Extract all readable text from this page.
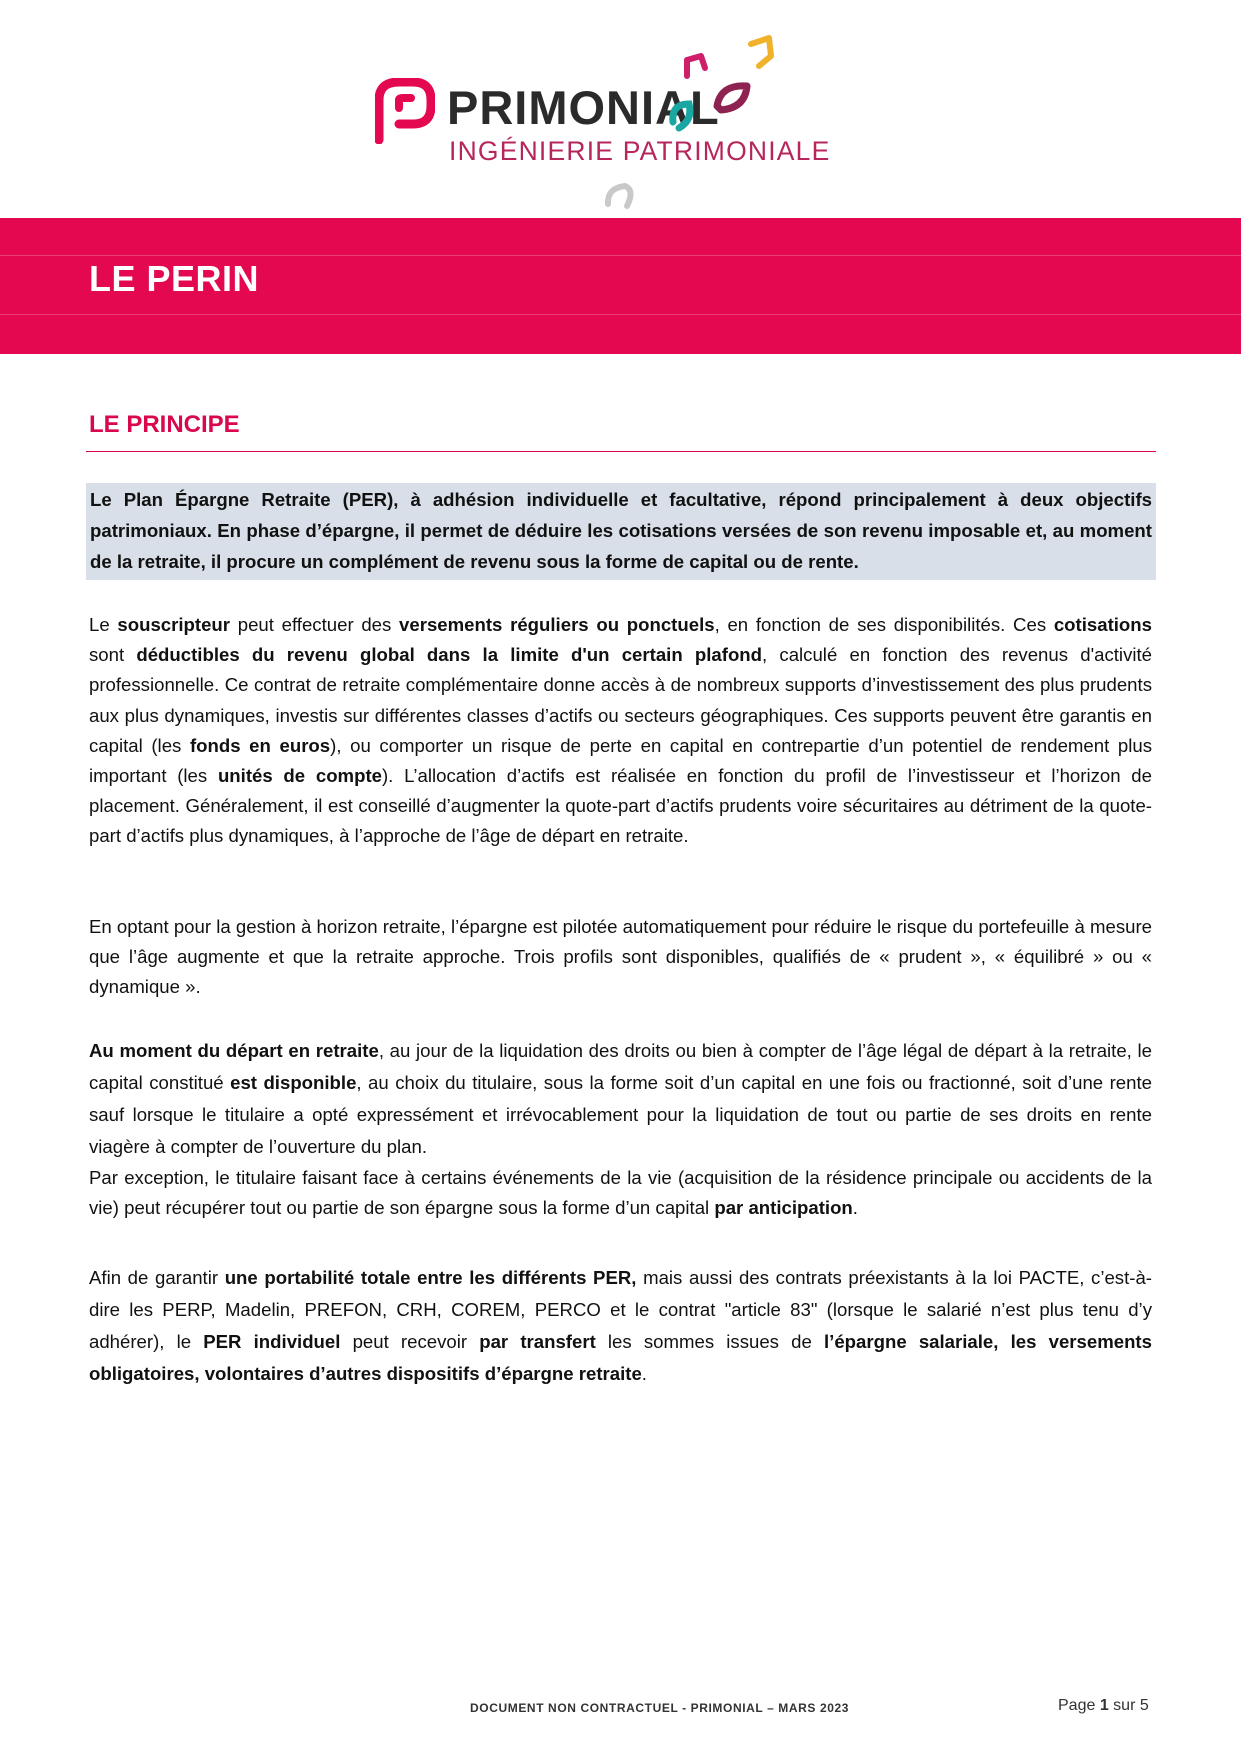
PRIMONIAL
INGÉNIERIE PATRIMONIALE
LE PERIN
LE PRINCIPE
Le Plan Épargne Retraite (PER), à adhésion individuelle et facultative, répond principalement à deux objectifs patrimoniaux. En phase d’épargne, il permet de déduire les cotisations versées de son revenu imposable et, au moment de la retraite, il procure un complément de revenu sous la forme de capital ou de rente.
Le souscripteur peut effectuer des versements réguliers ou ponctuels, en fonction de ses disponibilités. Ces cotisations sont déductibles du revenu global dans la limite d'un certain plafond, calculé en fonction des revenus d'activité professionnelle. Ce contrat de retraite complémentaire donne accès à de nombreux supports d’investissement des plus prudents aux plus dynamiques, investis sur différentes classes d’actifs ou secteurs géographiques. Ces supports peuvent être garantis en capital (les fonds en euros), ou comporter un risque de perte en capital en contrepartie d’un potentiel de rendement plus important (les unités de compte). L’allocation d’actifs est réalisée en fonction du profil de l’investisseur et l’horizon de placement. Généralement, il est conseillé d’augmenter la quote-part d’actifs prudents voire sécuritaires au détriment de la quote-part d’actifs plus dynamiques, à l’approche de l’âge de départ en retraite.
En optant pour la gestion à horizon retraite, l’épargne est pilotée automatiquement pour réduire le risque du portefeuille à mesure que l’âge augmente et que la retraite approche. Trois profils sont disponibles, qualifiés de « prudent », « équilibré » ou « dynamique ».
Au moment du départ en retraite, au jour de la liquidation des droits ou bien à compter de l’âge légal de départ à la retraite, le capital constitué est disponible, au choix du titulaire, sous la forme soit d’un capital en une fois ou fractionné, soit d’une rente sauf lorsque le titulaire a opté expressément et irrévocablement pour la liquidation de tout ou partie de ses droits en rente viagère à compter de l’ouverture du plan.
Par exception, le titulaire faisant face à certains événements de la vie (acquisition de la résidence principale ou accidents de la vie) peut récupérer tout ou partie de son épargne sous la forme d’un capital par anticipation.
Afin de garantir une portabilité totale entre les différents PER, mais aussi des contrats préexistants à la loi PACTE, c’est-à-dire les PERP, Madelin, PREFON, CRH, COREM, PERCO et le contrat "article 83" (lorsque le salarié n’est plus tenu d’y adhérer), le PER individuel peut recevoir par transfert les sommes issues de l’épargne salariale, les versements obligatoires, volontaires d’autres dispositifs d’épargne retraite.
DOCUMENT NON CONTRACTUEL - PRIMONIAL – MARS 2023	Page 1 sur 5
